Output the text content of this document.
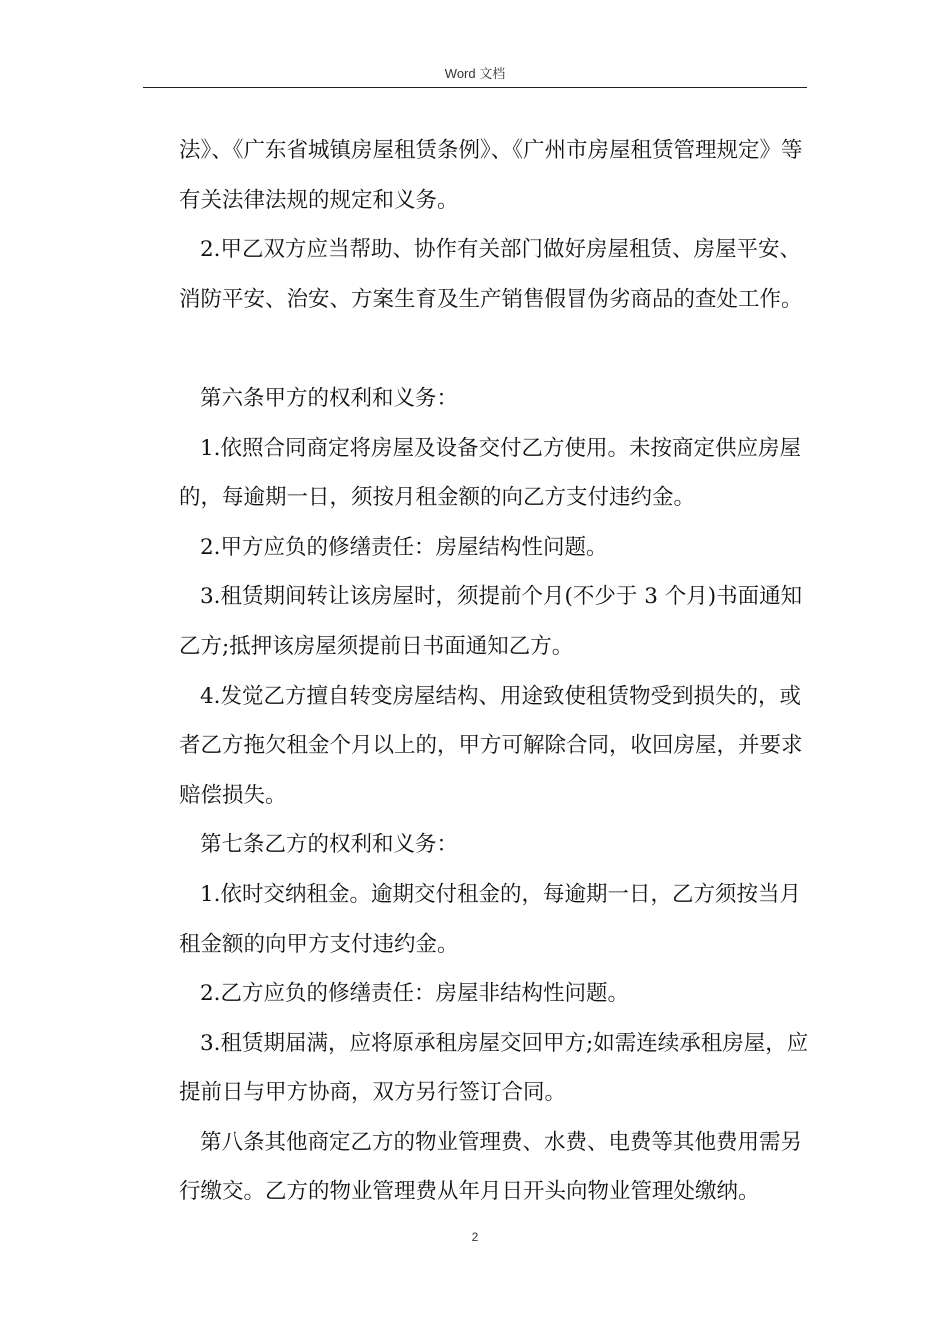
Word 文档

法》、《广东省城镇房屋租赁条例》、《广州市房屋租赁管理规定》等有关法律法规的规定和义务。

2.甲乙双方应当帮助、协作有关部门做好房屋租赁、房屋平安、消防平安、治安、方案生育及生产销售假冒伪劣商品的查处工作。

第六条甲方的权利和义务：

1.依照合同商定将房屋及设备交付乙方使用。未按商定供应房屋的，每逾期一日，须按月租金额的向乙方支付违约金。

2.甲方应负的修缮责任：房屋结构性问题。

3.租赁期间转让该房屋时，须提前个月(不少于 3 个月)书面通知乙方;抵押该房屋须提前日书面通知乙方。

4.发觉乙方擅自转变房屋结构、用途致使租赁物受到损失的，或者乙方拖欠租金个月以上的，甲方可解除合同，收回房屋，并要求赔偿损失。

第七条乙方的权利和义务：

1.依时交纳租金。逾期交付租金的，每逾期一日，乙方须按当月租金额的向甲方支付违约金。

2.乙方应负的修缮责任：房屋非结构性问题。

3.租赁期届满，应将原承租房屋交回甲方;如需连续承租房屋，应提前日与甲方协商，双方另行签订合同。

第八条其他商定乙方的物业管理费、水费、电费等其他费用需另行缴交。乙方的物业管理费从年月日开头向物业管理处缴纳。

2
